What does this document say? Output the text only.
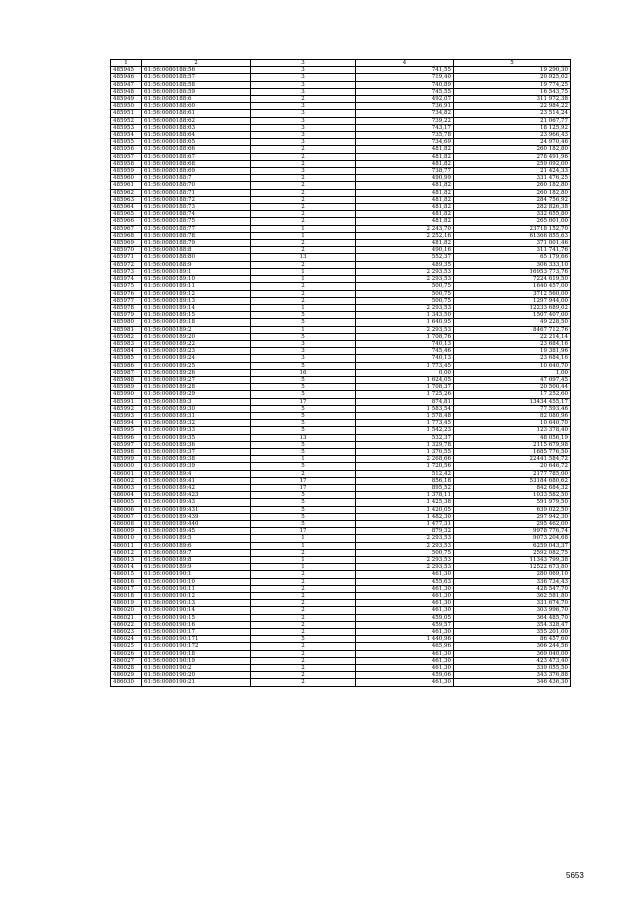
1	2	3	4	5
485945	61:56:0080188:56	3	741,55	19 290,30
485946	61:56:0080188:57	3	719,40	20 925,02
485947	61:56:0080188:58	3	740,89	19 774,25
485948	61:56:0080188:59	3	745,55	16 543,75
485949	61:56:0080188:6	2	492,07	311 972,38
485950	61:56:0080188:60	3	736,91	22 984,22
485951	61:56:0080188:61	3	734,82	23 514,24
485952	61:56:0080188:62	3	739,22	21 067,77
485953	61:56:0080188:63	3	743,17	18 125,92
485954	61:56:0080188:64	3	735,78	23 966,43
485955	61:56:0080188:65	3	734,69	24 970,46
485956	61:56:0080188:66	2	481,82	260 182,80
485957	61:56:0080188:67	2	481,82	278 491,96
485958	61:56:0080188:68	2	481,82	259 092,00
485959	61:56:0080188:69	3	738,77	21 424,33
485960	61:56:0080188:7	2	490,99	331 476,25
485961	61:56:0080188:70	2	481,82	260 182,80
485962	61:56:0080188:71	2	481,82	260 182,80
485963	61:56:0080188:72	2	481,82	284 756,92
485964	61:56:0080188:73	2	481,82	282 826,38
485965	61:56:0080188:74	2	481,82	332 655,80
485966	61:56:0080188:75	2	481,82	265 001,00
485967	61:56:0080188:77	1	2 243,70	23718 152,70
485968	61:56:0080188:78	1	2 252,16	61366 855,63
485969	61:56:0080188:79	2	481,82	371 001,46
485970	61:56:0080188:8	2	490,16	311 741,76
485971	61:56:0080188:80	13	552,37	65 179,66
485972	61:56:0080188:9	2	489,35	306 333,10
485973	61:56:0080189:1	1	2 293,53	16953 773,76
485974	61:56:0080189:10	1	2 293,53	7224 619,50
485975	61:56:0080189:11	2	500,75	1640 457,00
485976	61:56:0080189:12	2	500,75	3712 560,00
485977	61:56:0080189:13	2	500,75	1297 944,00
485978	61:56:0080189:14	1	2 293,53	12233 689,02
485979	61:56:0080189:15	5	1 343,50	1507 407,00
485980	61:56:0080189:18	5	1 640,95	49 228,50
485981	61:56:0080189:2	1	2 293,53	8467 712,76
485982	61:56:0080189:20	5	1 708,76	22 214,14
485983	61:56:0080189:22	3	740,13	23 684,16
485984	61:56:0080189:23	3	745,46	19 381,96
485985	61:56:0080189:24	3	740,13	23 684,16
485986	61:56:0080189:25	5	1 773,45	10 640,70
485987	61:56:0080189:26	16	0,00	1,00
485988	61:56:0080189:27	5	1 624,05	47 097,45
485989	61:56:0080189:28	5	1 708,37	20 500,44
485990	61:56:0080189:29	5	1 725,26	17 252,60
485991	61:56:0080189:3	17	874,81	13434 455,17
485992	61:56:0080189:30	5	1 583,54	77 593,46
485993	61:56:0080189:31	5	1 578,48	82 080,96
485994	61:56:0080189:32	5	1 773,45	10 640,70
485995	61:56:0080189:33	5	1 542,23	123 378,40
485996	61:56:0080189:35	13	532,37	48 056,19
485997	61:56:0080189:36	5	1 329,78	2115 679,98
485998	61:56:0080189:37	5	1 370,55	1685 776,50
485999	61:56:0080189:38	1	2 268,66	22441 584,72
486000	61:56:0080189:39	5	1 720,56	20 646,72
486001	61:56:0080189:4	2	512,42	2177 785,00
486002	61:56:0080189:41	17	856,18	53184 680,62
486003	61:56:0080189:42	17	895,52	842 684,32
486004	61:56:0080189:423	5	1 378,11	1033 582,50
486005	61:56:0080189:43	5	1 425,38	591 979,50
486006	61:56:0080189:431	5	1 420,05	639 022,50
486007	61:56:0080189:439	5	1 482,30	297 942,30
486008	61:56:0080189:440	5	1 477,31	295 462,00
486009	61:56:0080189:45	17	879,32	9978 776,74
486010	61:56:0080189:5	1	2 293,53	9073 204,68
486011	61:56:0080189:6	1	2 293,53	6259 043,37
486012	61:56:0080189:7	2	500,75	2592 082,75
486013	61:56:0080189:8	1	2 293,53	11343 799,38
486014	61:56:0080189:9	1	2 293,53	12522 673,80
486015	61:56:0080190:1	2	461,30	280 069,10
486016	61:56:0080190:10	2	455,63	336 734,43
486017	61:56:0080190:11	2	461,30	428 547,70
486018	61:56:0080190:12	2	461,30	362 581,80
486019	61:56:0080190:13	2	461,30	331 674,70
486020	61:56:0080190:14	2	461,30	303 996,70
486021	61:56:0080190:15	2	459,05	364 485,70
486022	61:56:0080190:16	2	459,57	354 328,47
486023	61:56:0080190:17	2	461,30	355 201,00
486024	61:56:0080190:171	5	1 440,96	86 457,60
486025	61:56:0080190:172	2	465,96	366 244,56
486026	61:56:0080190:18	2	461,30	369 040,00
486027	61:56:0080190:19	2	461,30	423 473,40
486028	61:56:0080190:2	2	461,30	339 055,50
486029	61:56:0080190:20	2	459,06	343 376,88
486030	61:56:0080190:21	2	461,30	346 436,30
5653
